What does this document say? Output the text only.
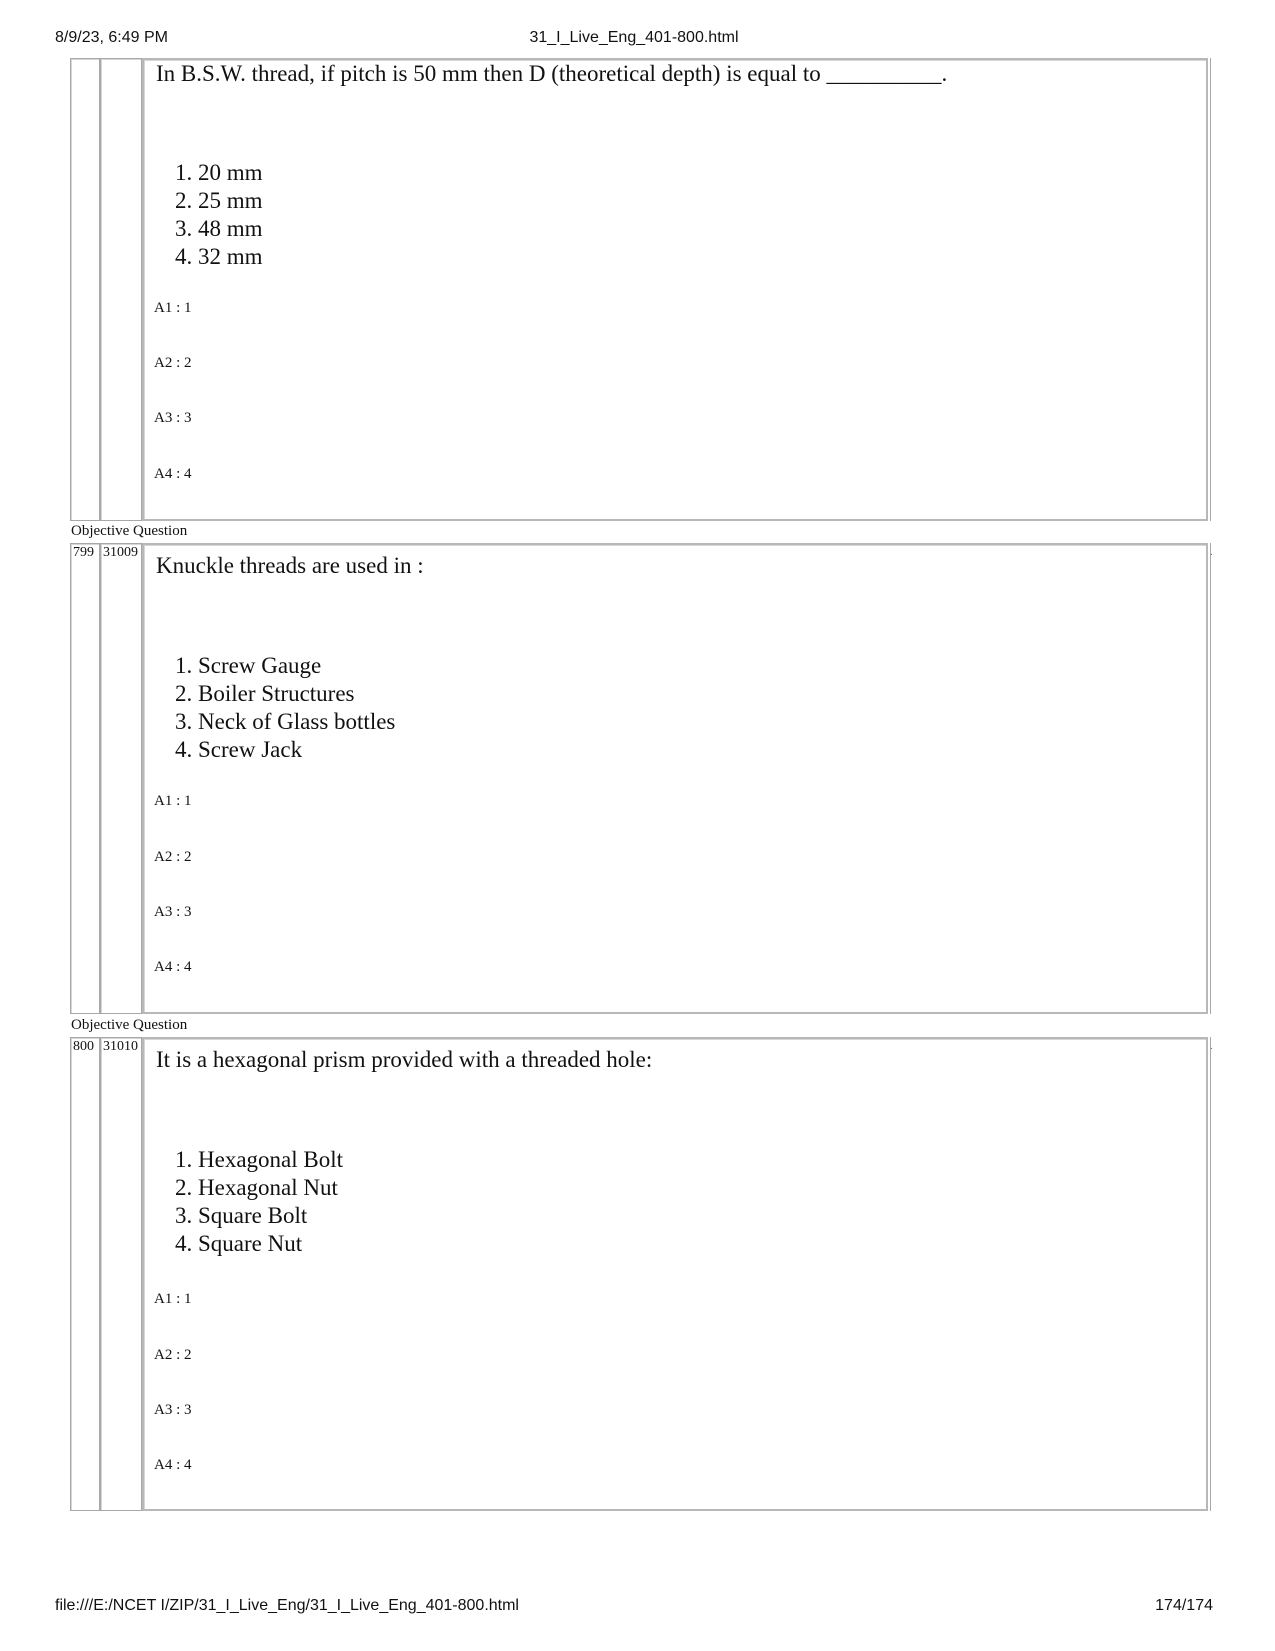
8/9/23, 6:49 PM	31_I_Live_Eng_401-800.html
In B.S.W. thread, if pitch is 50 mm then D (theoretical depth) is equal to __________.
1. 20 mm
2. 25 mm
3. 48 mm
4. 32 mm
A1 : 1
A2 : 2
A3 : 3
A4 : 4
Objective Question
799 31009
Knuckle threads are used in :
1. Screw Gauge
2. Boiler Structures
3. Neck of Glass bottles
4. Screw Jack
A1 : 1
A2 : 2
A3 : 3
A4 : 4
․
Objective Question
800 31010
It is a hexagonal prism provided with a threaded hole:
1. Hexagonal Bolt
2. Hexagonal Nut
3. Square Bolt
4. Square Nut
A1 : 1
A2 : 2
A3 : 3
A4 : 4
․
file:///E:/NCET I/ZIP/31_I_Live_Eng/31_I_Live_Eng_401-800.html	174/174
